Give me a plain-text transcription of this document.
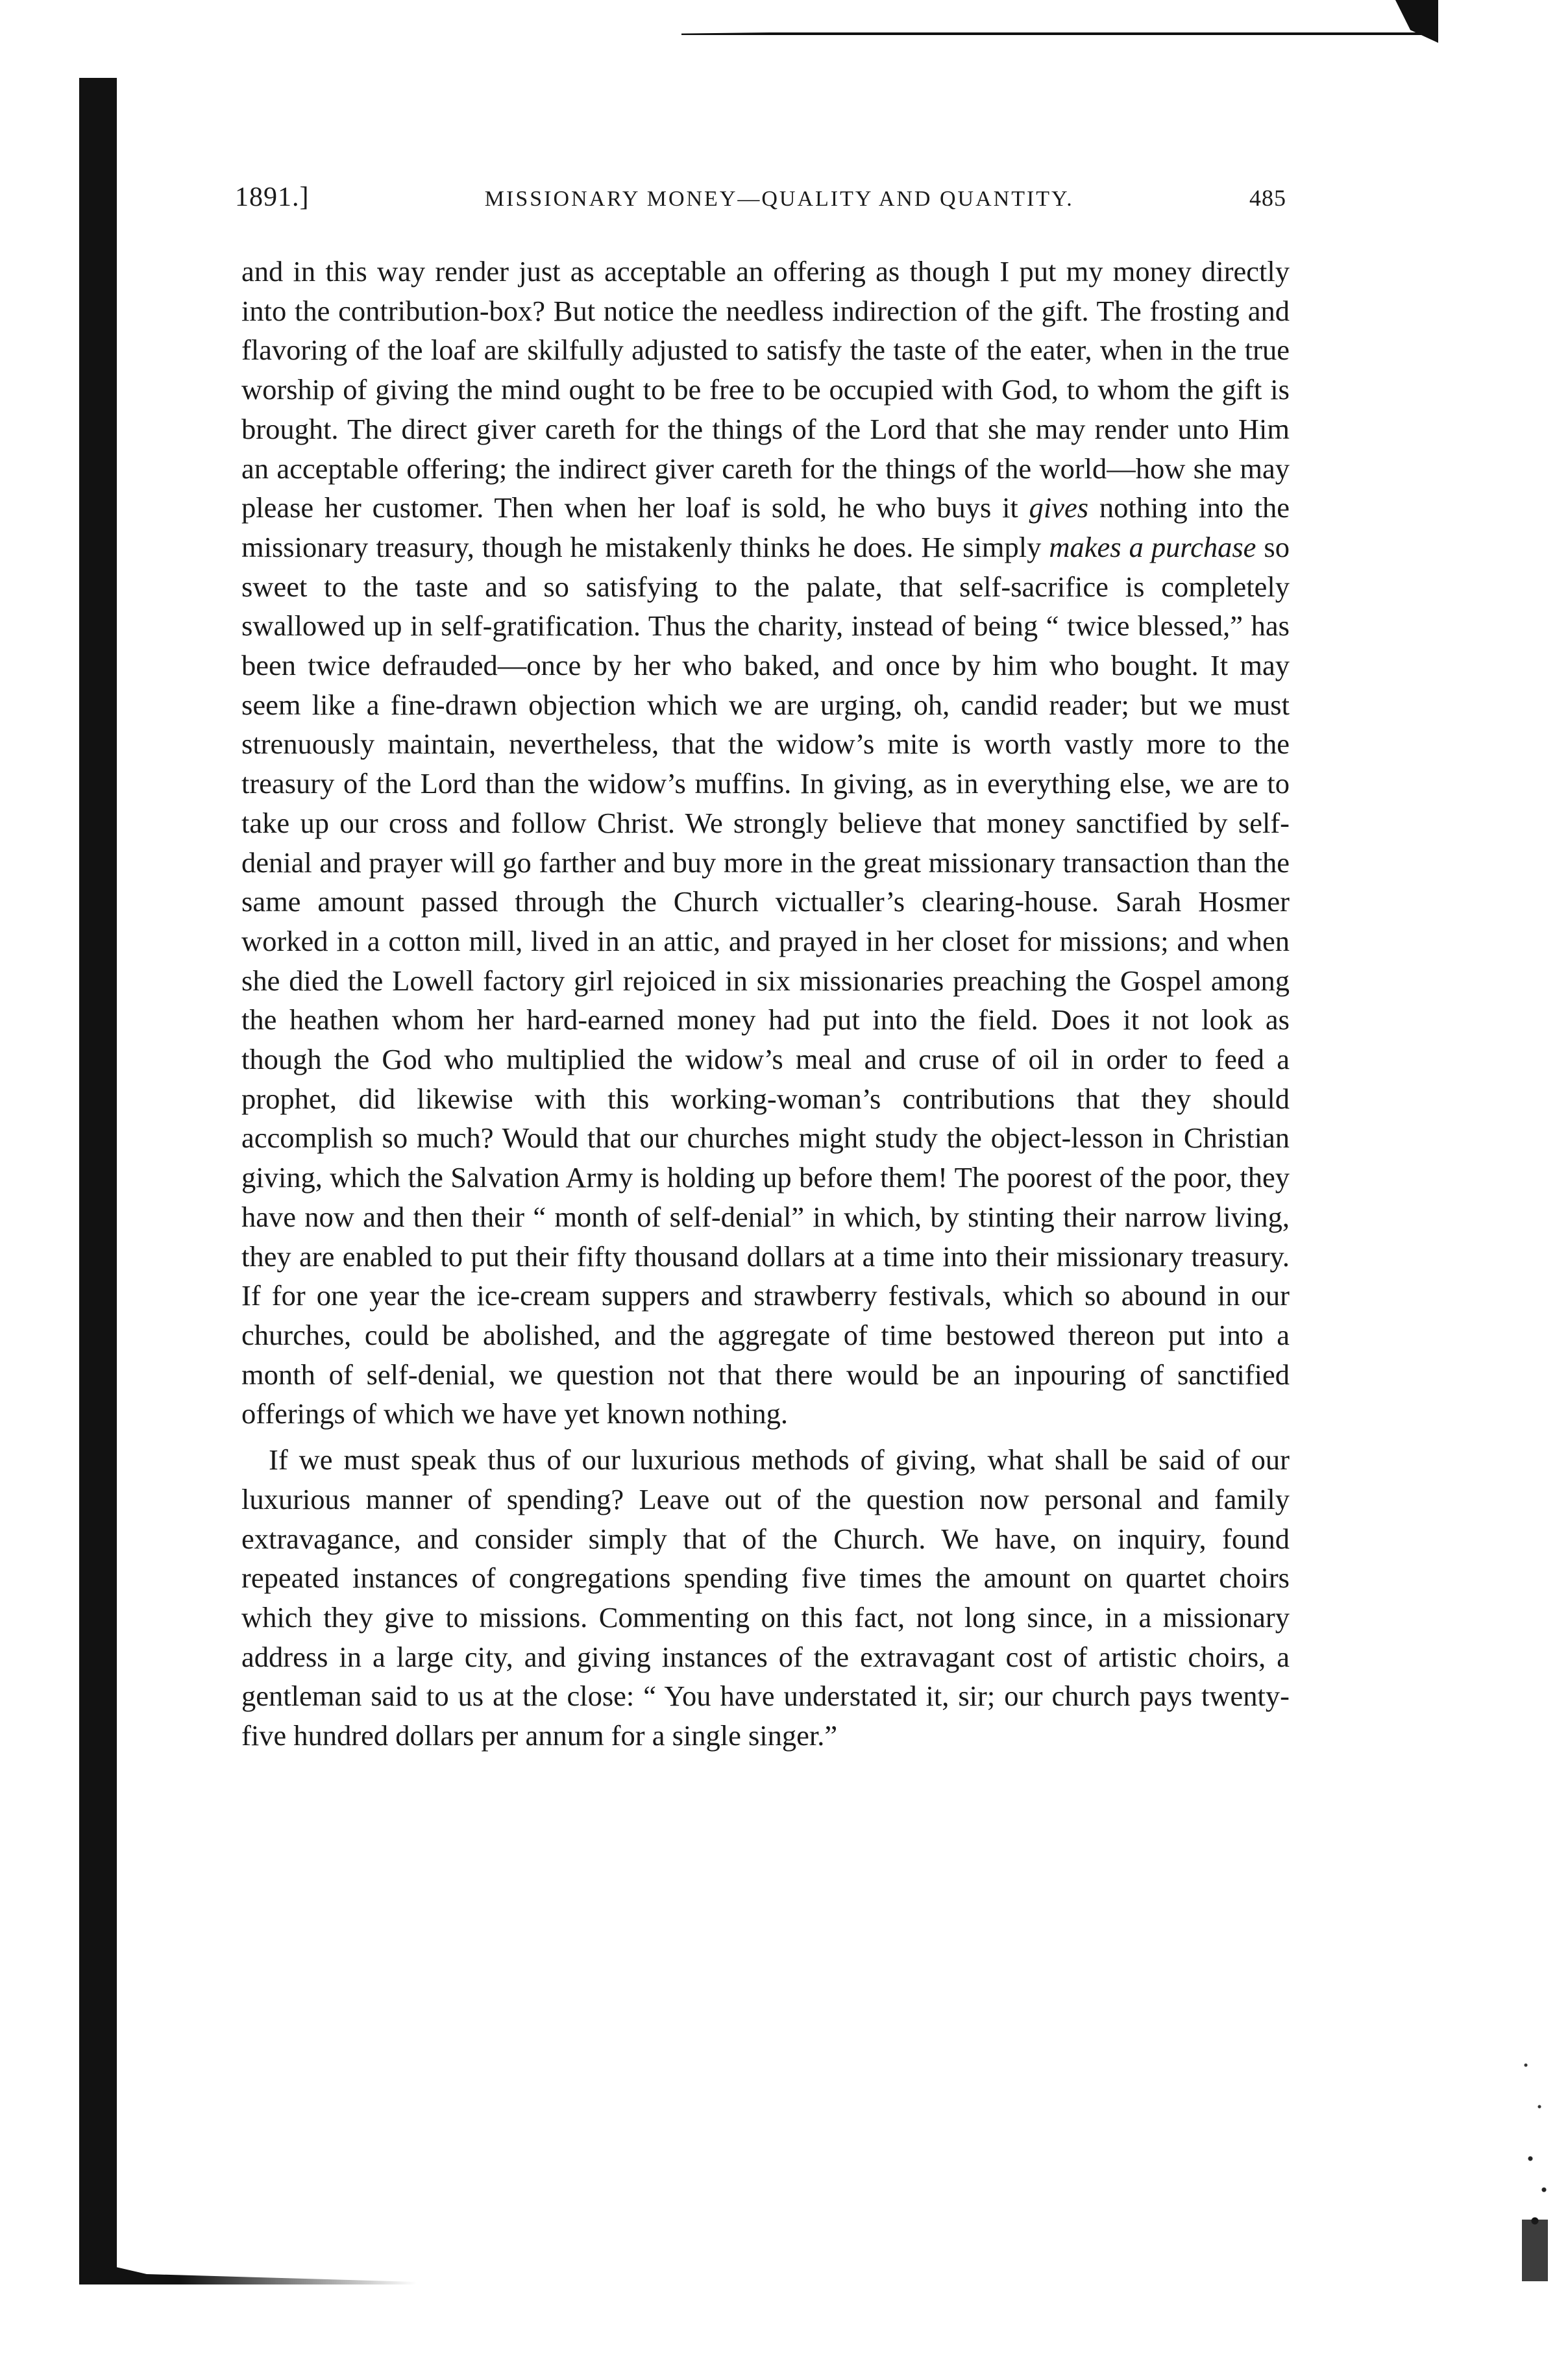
1891.]	MISSIONARY MONEY—QUALITY AND QUANTITY.	485

and in this way render just as acceptable an offering as though I put my money directly into the contribution-box? But notice the needless indirection of the gift. The frosting and flavoring of the loaf are skilfully adjusted to satisfy the taste of the eater, when in the true worship of giving the mind ought to be free to be occupied with God, to whom the gift is brought. The direct giver careth for the things of the Lord that she may render unto Him an acceptable offering; the indirect giver careth for the things of the world—how she may please her customer. Then when her loaf is sold, he who buys it gives nothing into the missionary treasury, though he mistakenly thinks he does. He simply makes a purchase so sweet to the taste and so satisfying to the palate, that self-sacrifice is completely swallowed up in self-gratification. Thus the charity, instead of being “ twice blessed,” has been twice defrauded—once by her who baked, and once by him who bought. It may seem like a fine-drawn objection which we are urging, oh, candid reader; but we must strenuously maintain, nevertheless, that the widow’s mite is worth vastly more to the treasury of the Lord than the widow’s muffins. In giving, as in everything else, we are to take up our cross and follow Christ. We strongly believe that money sanctified by self-denial and prayer will go farther and buy more in the great missionary transaction than the same amount passed through the Church victualler’s clearing-house. Sarah Hosmer worked in a cotton mill, lived in an attic, and prayed in her closet for missions; and when she died the Lowell factory girl rejoiced in six missionaries preaching the Gospel among the heathen whom her hard-earned money had put into the field. Does it not look as though the God who multiplied the widow’s meal and cruse of oil in order to feed a prophet, did likewise with this working-woman’s contributions that they should accomplish so much? Would that our churches might study the object-lesson in Christian giving, which the Salvation Army is holding up before them! The poorest of the poor, they have now and then their “ month of self-denial” in which, by stinting their narrow living, they are enabled to put their fifty thousand dollars at a time into their missionary treasury. If for one year the ice-cream suppers and strawberry festivals, which so abound in our churches, could be abolished, and the aggregate of time bestowed thereon put into a month of self-denial, we question not that there would be an inpouring of sanctified offerings of which we have yet known nothing.

If we must speak thus of our luxurious methods of giving, what shall be said of our luxurious manner of spending? Leave out of the question now personal and family extravagance, and consider simply that of the Church. We have, on inquiry, found repeated instances of congregations spending five times the amount on quartet choirs which they give to missions. Commenting on this fact, not long since, in a missionary address in a large city, and giving instances of the extravagant cost of artistic choirs, a gentleman said to us at the close: “ You have understated it, sir; our church pays twenty-five hundred dollars per annum for a single singer.”
